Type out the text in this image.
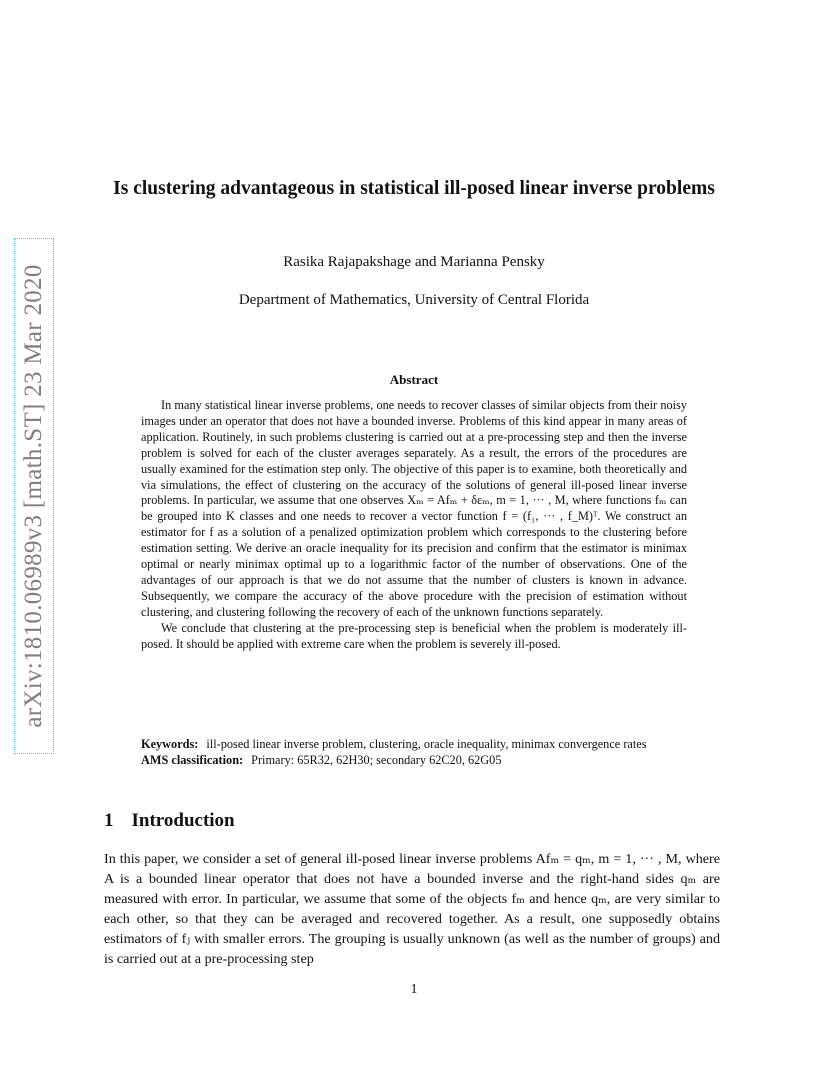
arXiv:1810.06989v3 [math.ST] 23 Mar 2020
Is clustering advantageous in statistical ill-posed linear inverse problems
Rasika Rajapakshage and Marianna Pensky
Department of Mathematics, University of Central Florida
Abstract

In many statistical linear inverse problems, one needs to recover classes of similar objects from their noisy images under an operator that does not have a bounded inverse. Problems of this kind appear in many areas of application. Routinely, in such problems clustering is carried out at a pre-processing step and then the inverse problem is solved for each of the cluster averages separately. As a result, the errors of the procedures are usually examined for the estimation step only. The objective of this paper is to examine, both theoretically and via simulations, the effect of clustering on the accuracy of the solutions of general ill-posed linear inverse problems. In particular, we assume that one observes Xₘ = Afₘ + δεₘ, m = 1, ··· , M, where functions fₘ can be grouped into K classes and one needs to recover a vector function f = (f₁, ··· , f_M)ᵀ. We construct an estimator for f as a solution of a penalized optimization problem which corresponds to the clustering before estimation setting. We derive an oracle inequality for its precision and confirm that the estimator is minimax optimal or nearly minimax optimal up to a logarithmic factor of the number of observations. One of the advantages of our approach is that we do not assume that the number of clusters is known in advance. Subsequently, we compare the accuracy of the above procedure with the precision of estimation without clustering, and clustering following the recovery of each of the unknown functions separately.

We conclude that clustering at the pre-processing step is beneficial when the problem is moderately ill-posed. It should be applied with extreme care when the problem is severely ill-posed.

Keywords: ill-posed linear inverse problem, clustering, oracle inequality, minimax convergence rates

AMS classification: Primary: 65R32, 62H30; secondary 62C20, 62G05

1 Introduction

In this paper, we consider a set of general ill-posed linear inverse problems Afₘ = qₘ, m = 1, ··· , M, where A is a bounded linear operator that does not have a bounded inverse and the right-hand sides qₘ are measured with error. In particular, we assume that some of the objects fₘ and hence qₘ, are very similar to each other, so that they can be averaged and recovered together. As a result, one supposedly obtains estimators of fⱼ with smaller errors. The grouping is usually unknown (as well as the number of groups) and is carried out at a pre-processing step

1
